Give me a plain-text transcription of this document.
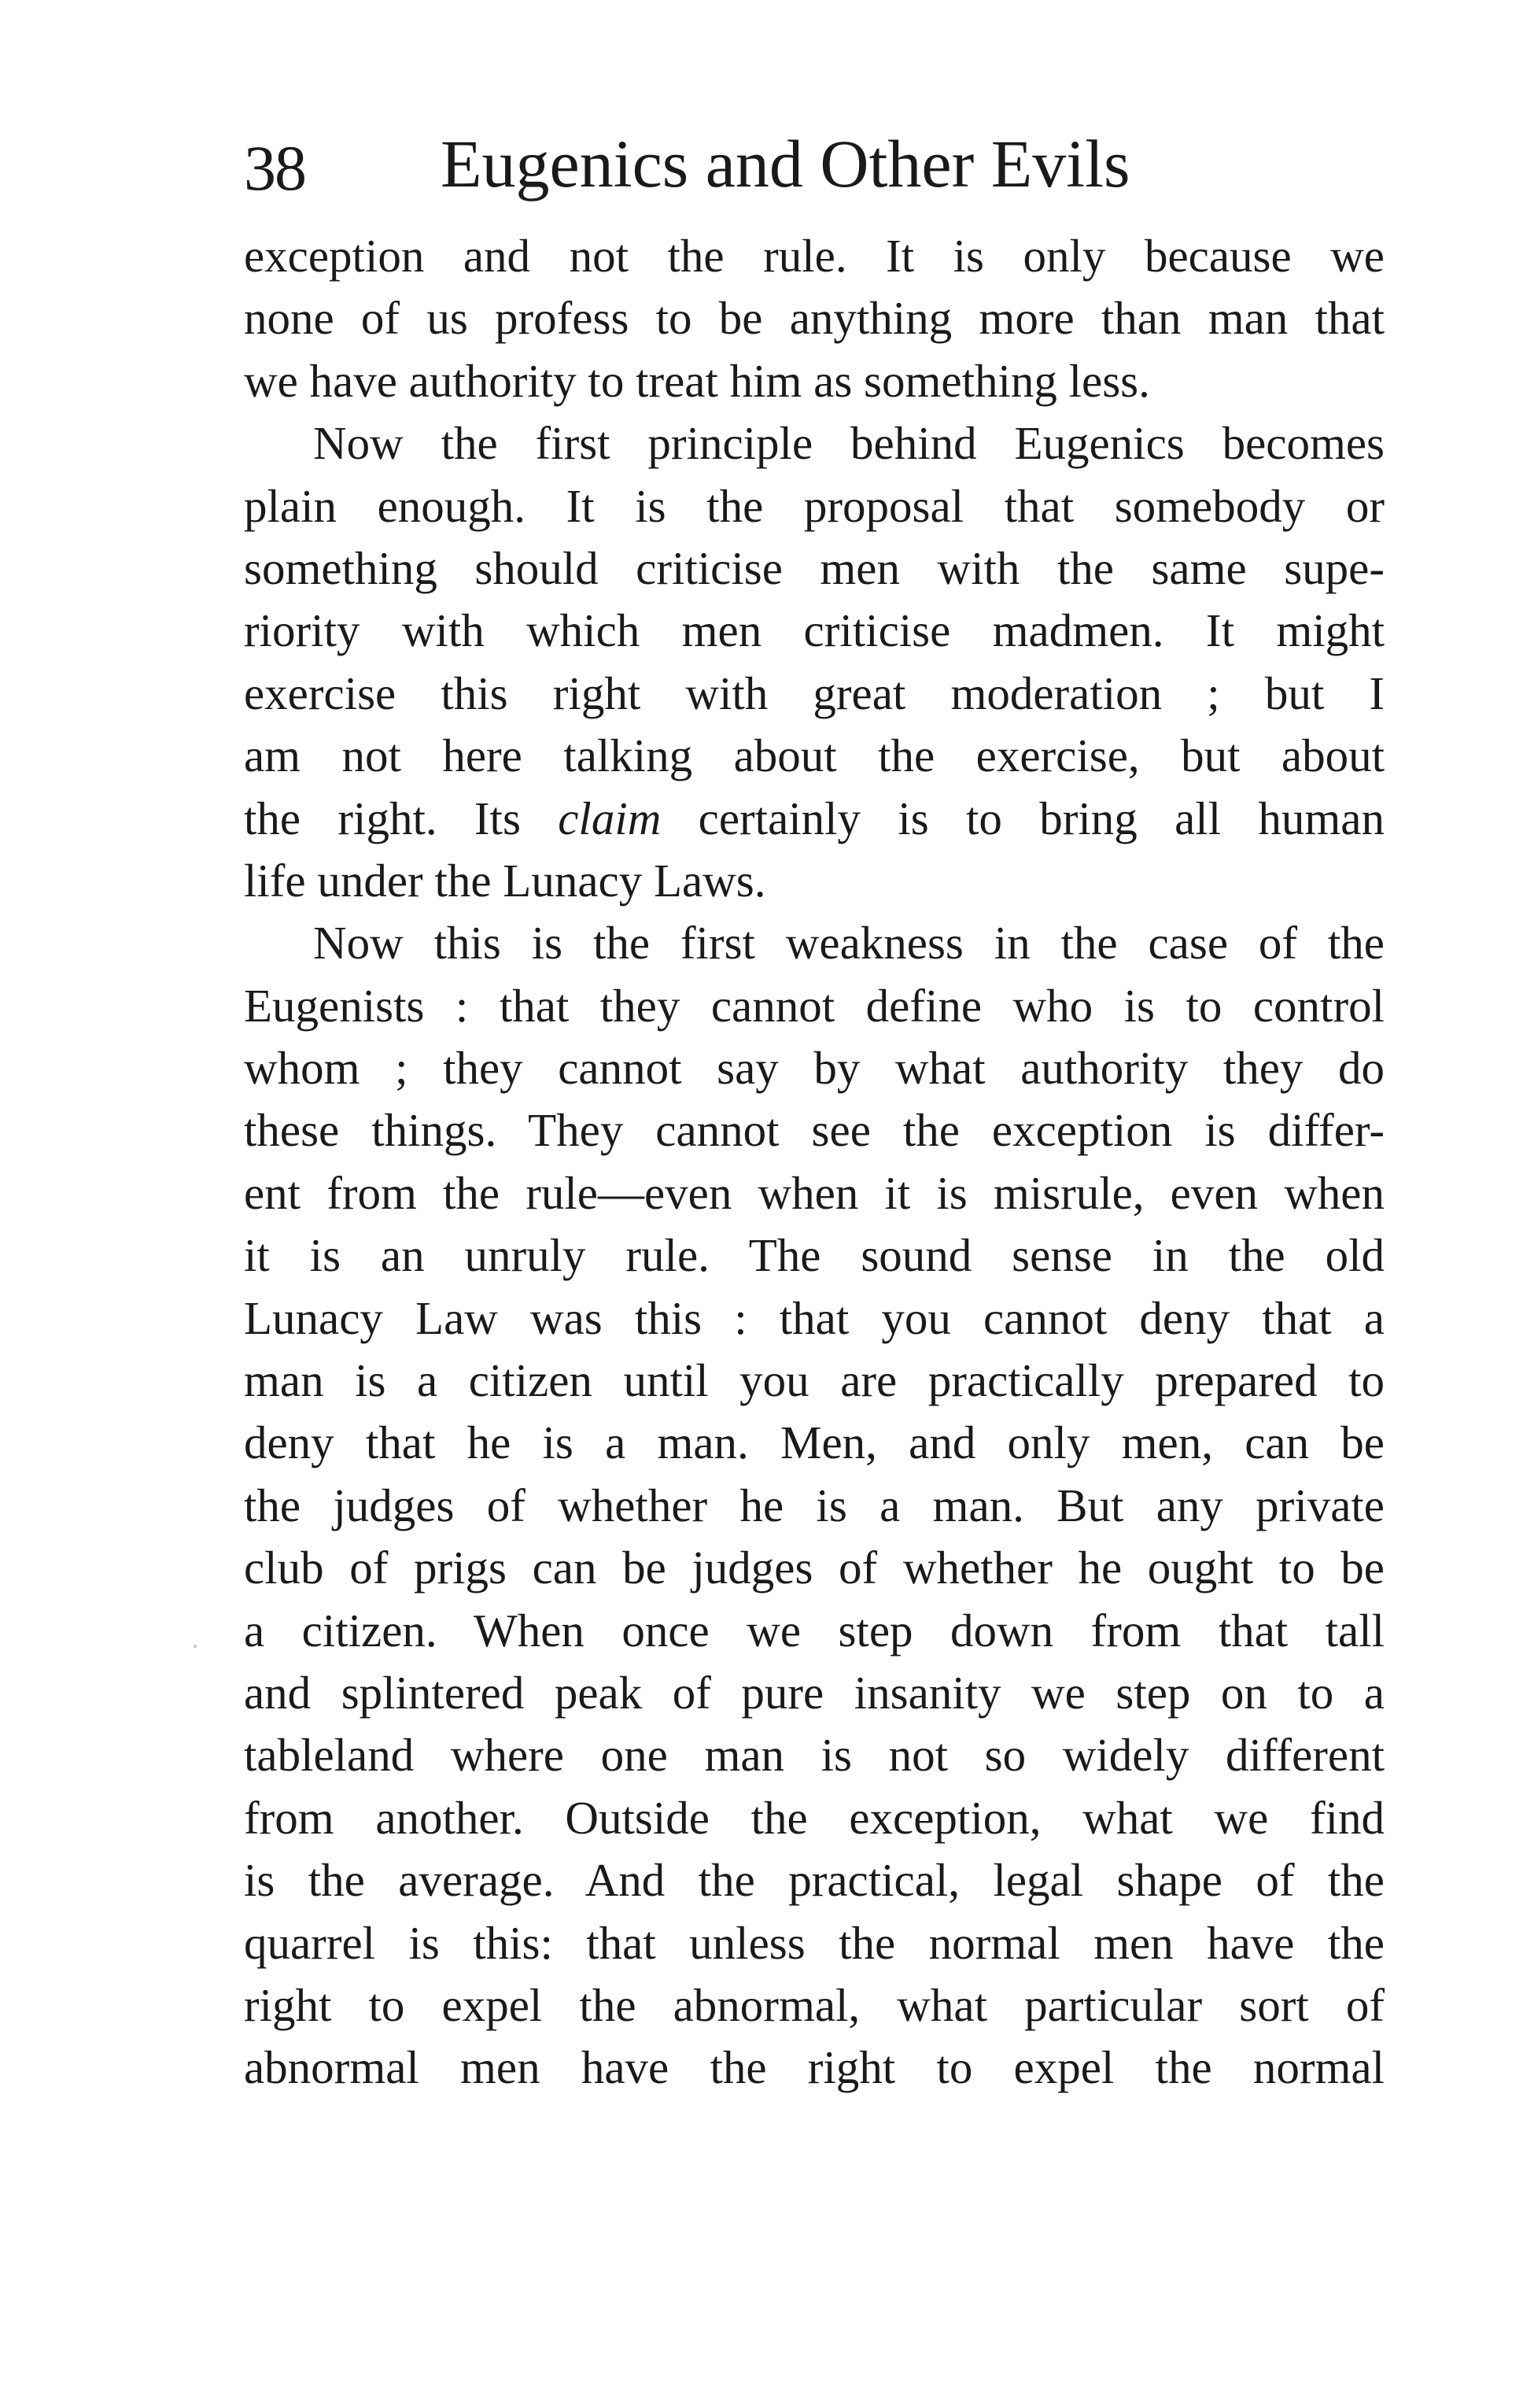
38 Eugenics and Other Evils
exception and not the rule. It is only because we
none of us profess to be anything more than man that
we have authority to treat him as something less.
Now the first principle behind Eugenics becomes
plain enough. It is the proposal that somebody or
something should criticise men with the same supe-
riority with which men criticise madmen. It might
exercise this right with great moderation ; but I
am not here talking about the exercise, but about
the right. Its claim certainly is to bring all human
life under the Lunacy Laws.
Now this is the first weakness in the case of the
Eugenists : that they cannot define who is to control
whom ; they cannot say by what authority they do
these things. They cannot see the exception is differ-
ent from the rule—even when it is misrule, even when
it is an unruly rule. The sound sense in the old
Lunacy Law was this : that you cannot deny that a
man is a citizen until you are practically prepared to
deny that he is a man. Men, and only men, can be
the judges of whether he is a man. But any private
club of prigs can be judges of whether he ought to be
a citizen. When once we step down from that tall
and splintered peak of pure insanity we step on to a
tableland where one man is not so widely different
from another. Outside the exception, what we find
is the average. And the practical, legal shape of the
quarrel is this: that unless the normal men have the
right to expel the abnormal, what particular sort of
abnormal men have the right to expel the normal
